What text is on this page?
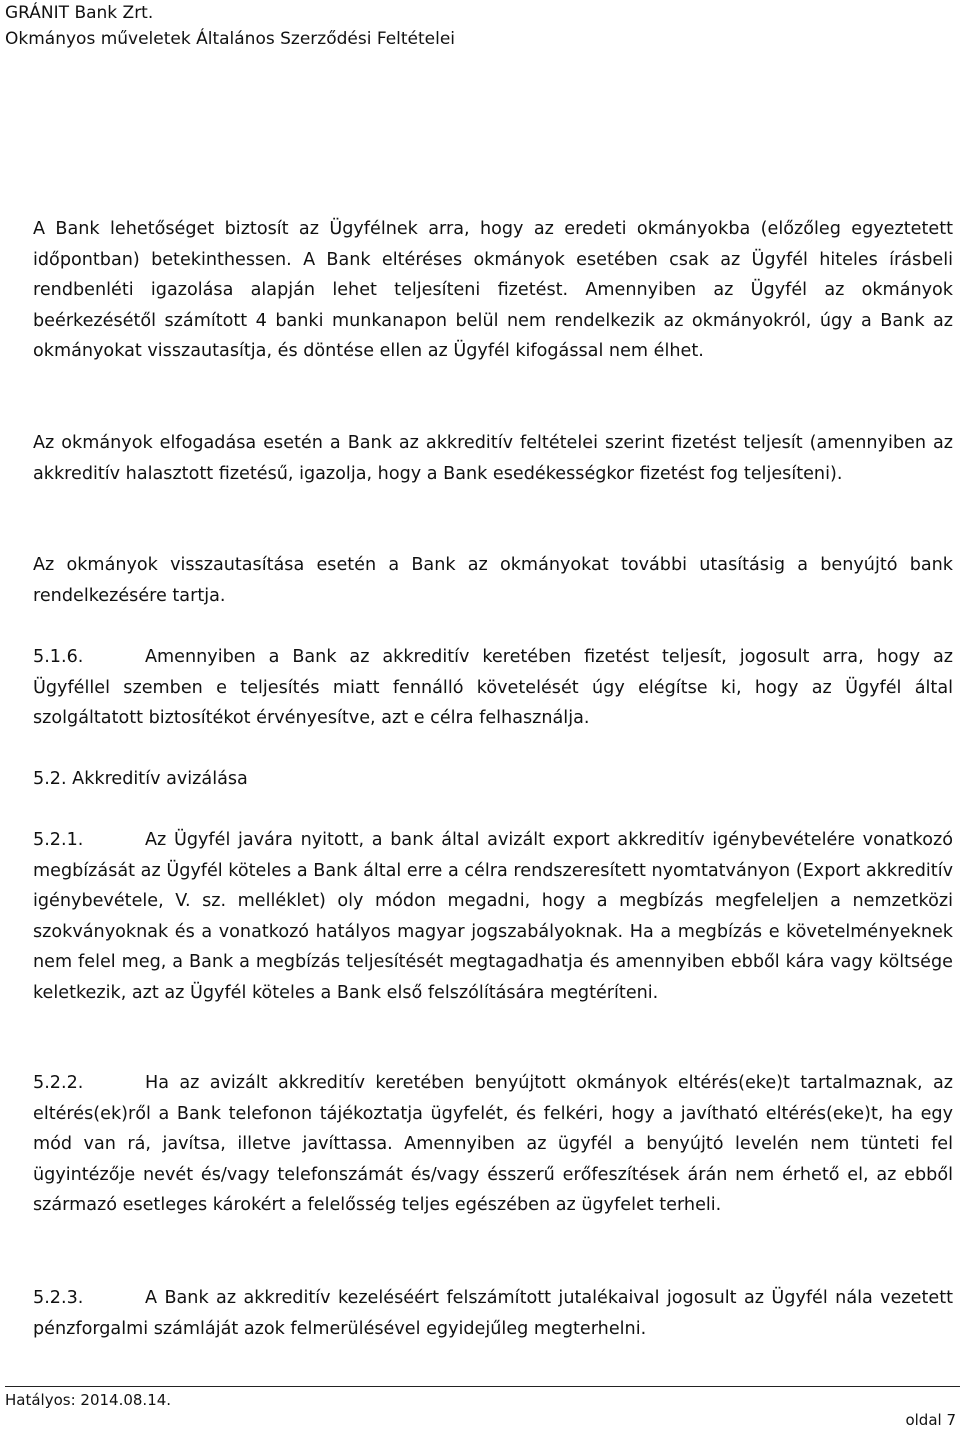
GRÁNIT Bank Zrt.
Okmányos műveletek Általános Szerződési Feltételei

A Bank lehetőséget biztosít az Ügyfélnek arra, hogy az eredeti okmányokba (előzőleg egyeztetett időpontban) betekinthessen. A Bank eltéréses okmányok esetében csak az Ügyfél hiteles írásbeli rendbenléti igazolása alapján lehet teljesíteni fizetést. Amennyiben az Ügyfél az okmányok beérkezésétől számított 4 banki munkanapon belül nem rendelkezik az okmányokról, úgy a Bank az okmányokat visszautasítja, és döntése ellen az Ügyfél kifogással nem élhet.

Az okmányok elfogadása esetén a Bank az akkreditív feltételei szerint fizetést teljesít (amennyiben az akkreditív halasztott fizetésű, igazolja, hogy a Bank esedékességkor fizetést fog teljesíteni).

Az okmányok visszautasítása esetén a Bank az okmányokat további utasításig a benyújtó bank rendelkezésére tartja.

5.1.6.	Amennyiben a Bank az akkreditív keretében fizetést teljesít, jogosult arra, hogy az Ügyféllel szemben e teljesítés miatt fennálló követelését úgy elégítse ki, hogy az Ügyfél által szolgáltatott biztosítékot érvényesítve, azt e célra felhasználja.

5.2. Akkreditív avizálása

5.2.1.	Az Ügyfél javára nyitott, a bank által avizált export akkreditív igénybevételére vonatkozó megbízását az Ügyfél köteles a Bank által erre a célra rendszeresített nyomtatványon (Export akkreditív igénybevétele, V. sz. melléklet) oly módon megadni, hogy a megbízás megfeleljen a nemzetközi szokványoknak és a vonatkozó hatályos magyar jogszabályoknak. Ha a megbízás e követelményeknek nem felel meg, a Bank a megbízás teljesítését megtagadhatja és amennyiben ebből kára vagy költsége keletkezik, azt az Ügyfél köteles a Bank első felszólítására megtéríteni.

5.2.2.	Ha az avizált akkreditív keretében benyújtott okmányok eltérés(eke)t tartalmaznak, az eltérés(ek)ről a Bank telefonon tájékoztatja ügyfelét, és felkéri, hogy a javítható eltérés(eke)t, ha egy mód van rá, javítsa, illetve javíttassa. Amennyiben az ügyfél a benyújtó levelén nem tünteti fel ügyintézője nevét és/vagy telefonszámát és/vagy ésszerű erőfeszítések árán nem érhető el, az ebből származó esetleges károkért a felelősség teljes egészében az ügyfelet terheli.

5.2.3.	A Bank az akkreditív kezeléséért felszámított jutalékaival jogosult az Ügyfél nála vezetett pénzforgalmi számláját azok felmerülésével egyidejűleg megterhelni.

Hatályos: 2014.08.14.
oldal 7
